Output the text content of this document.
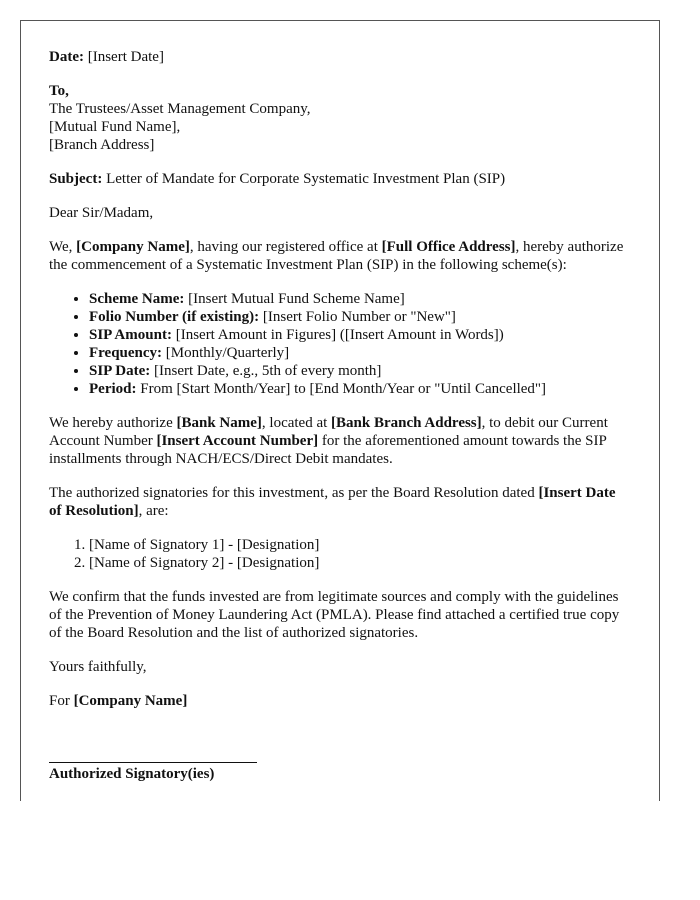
Date: [Insert Date]

To,
The Trustees/Asset Management Company,
[Mutual Fund Name],
[Branch Address]

Subject: Letter of Mandate for Corporate Systematic Investment Plan (SIP)

Dear Sir/Madam,

We, [Company Name], having our registered office at [Full Office Address], hereby authorize the commencement of a Systematic Investment Plan (SIP) in the following scheme(s):

• Scheme Name: [Insert Mutual Fund Scheme Name]
• Folio Number (if existing): [Insert Folio Number or "New"]
• SIP Amount: [Insert Amount in Figures] ([Insert Amount in Words])
• Frequency: [Monthly/Quarterly]
• SIP Date: [Insert Date, e.g., 5th of every month]
• Period: From [Start Month/Year] to [End Month/Year or "Until Cancelled"]

We hereby authorize [Bank Name], located at [Bank Branch Address], to debit our Current Account Number [Insert Account Number] for the aforementioned amount towards the SIP installments through NACH/ECS/Direct Debit mandates.

The authorized signatories for this investment, as per the Board Resolution dated [Insert Date of Resolution], are:

1. [Name of Signatory 1] - [Designation]
2. [Name of Signatory 2] - [Designation]

We confirm that the funds invested are from legitimate sources and comply with the guidelines of the Prevention of Money Laundering Act (PMLA). Please find attached a certified true copy of the Board Resolution and the list of authorized signatories.

Yours faithfully,

For [Company Name]

Authorized Signatory(ies)
